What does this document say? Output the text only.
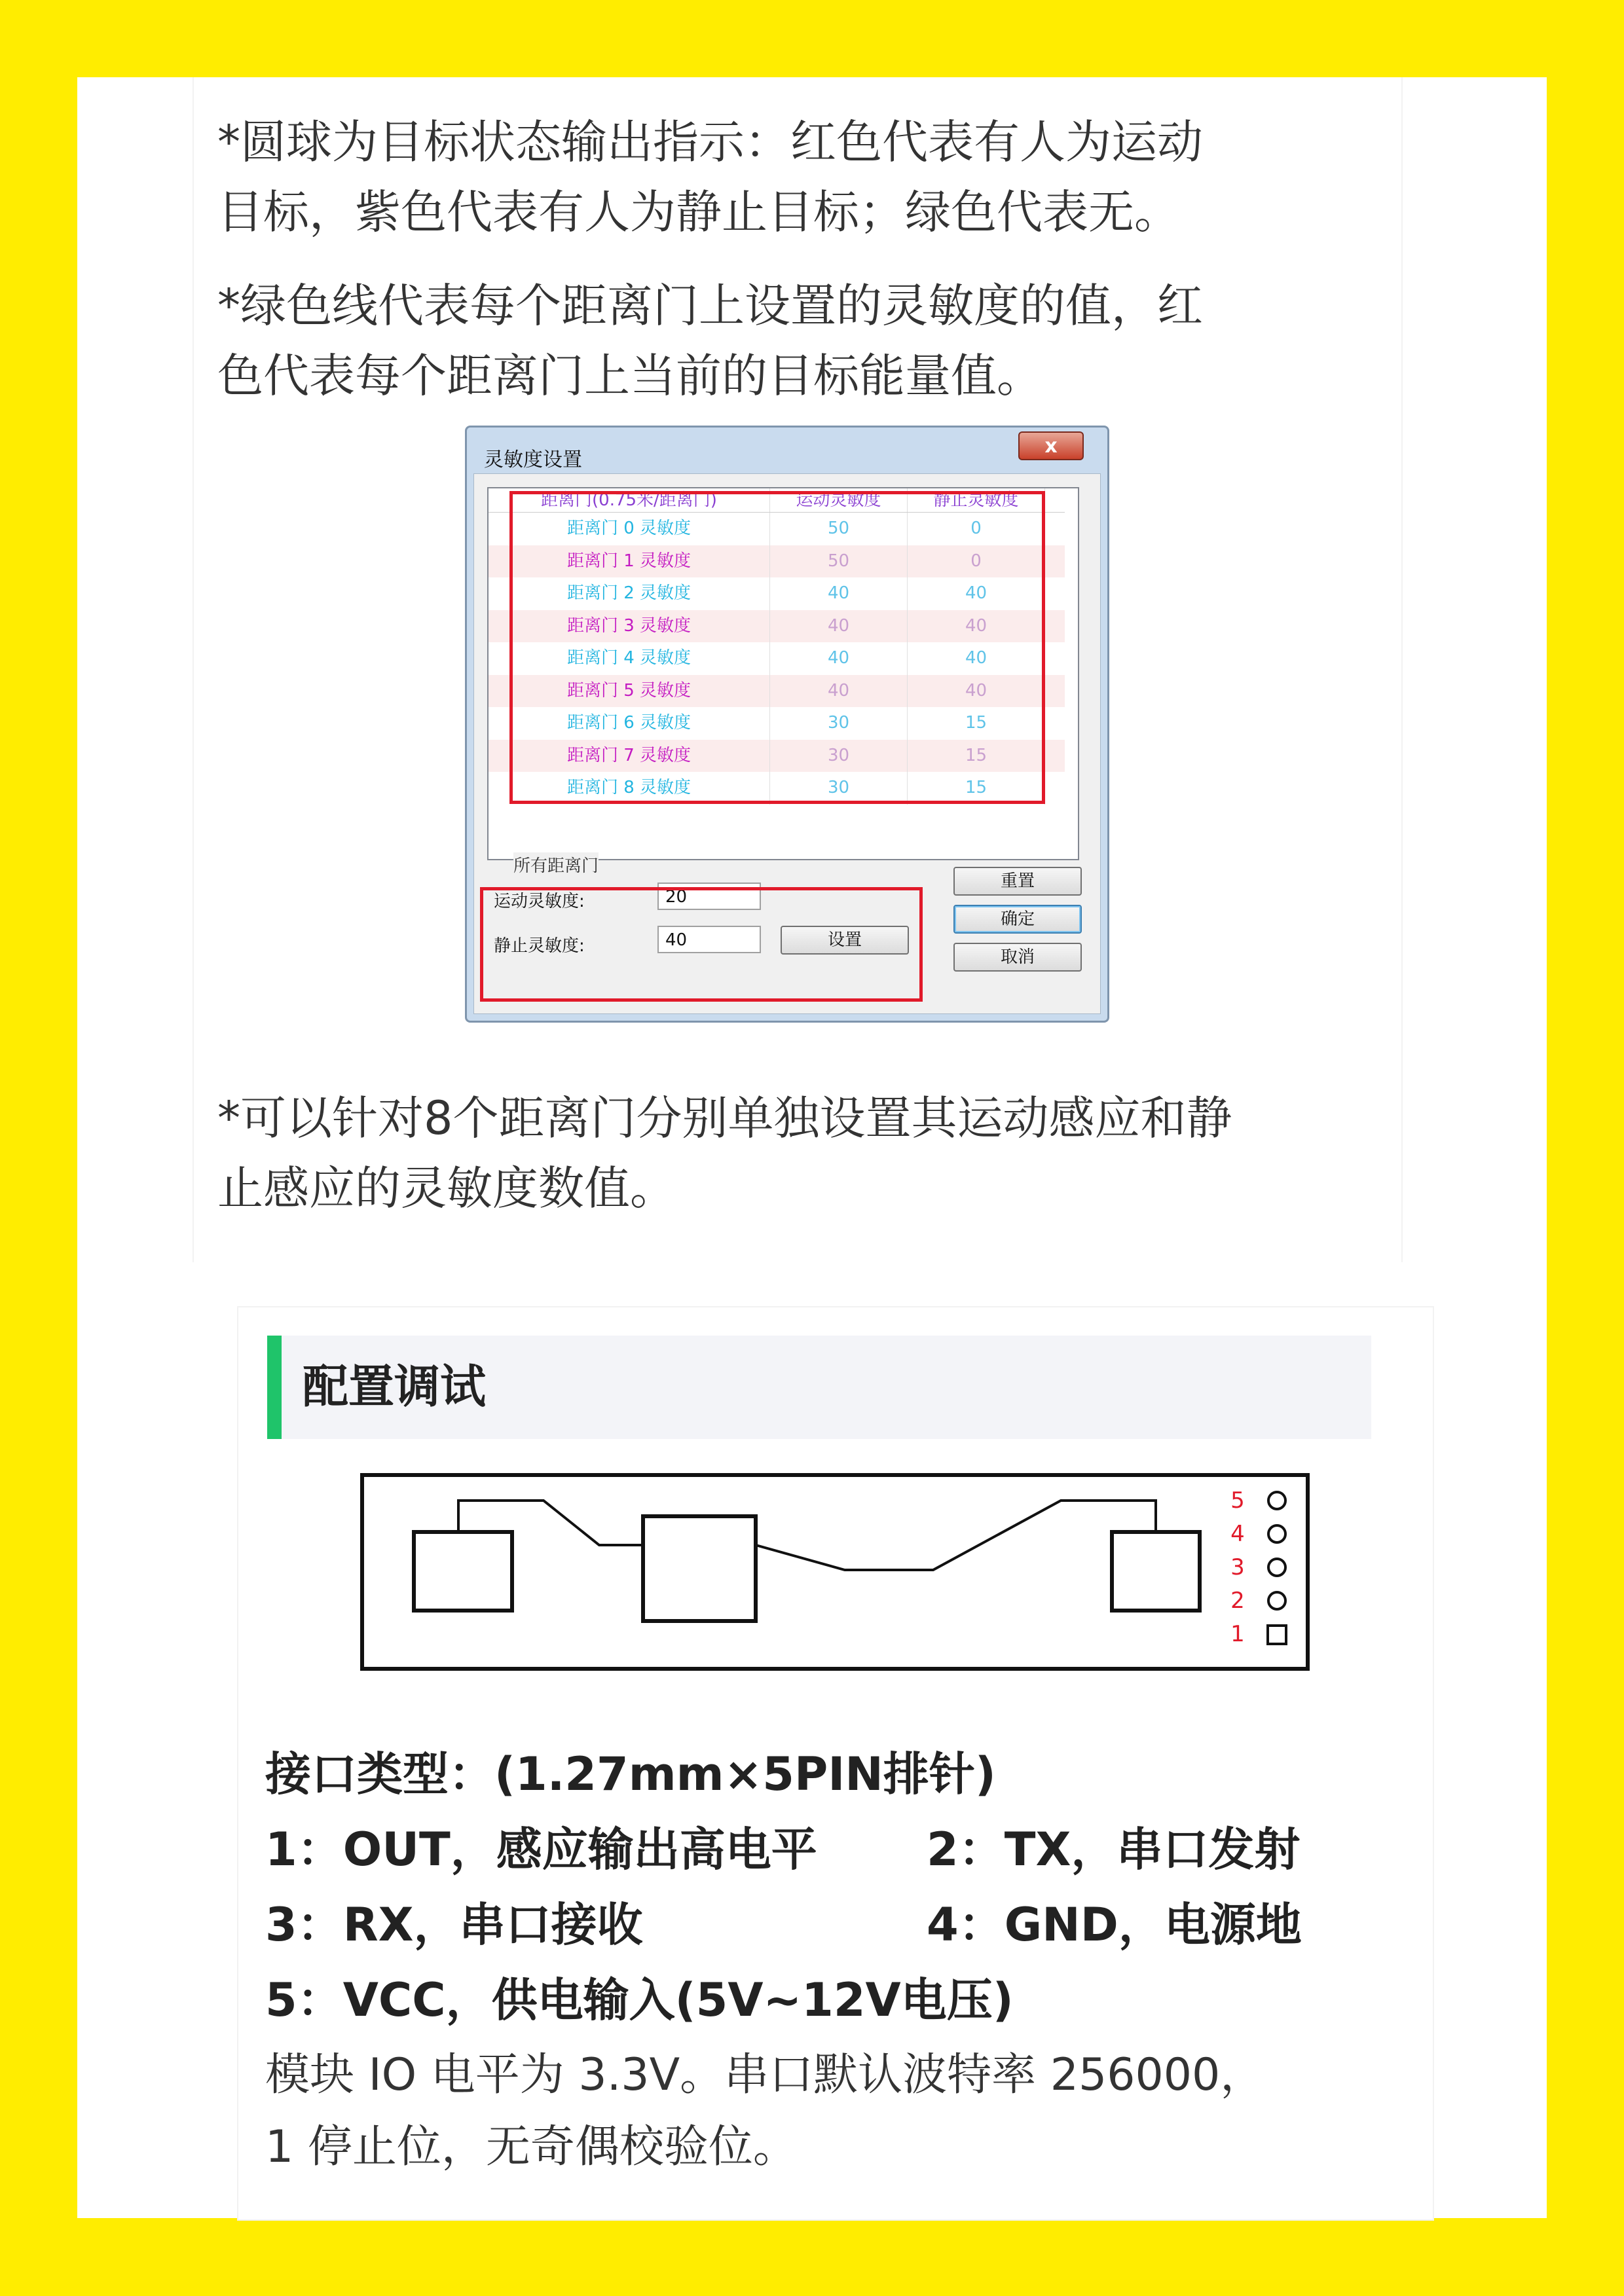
*圆球为目标状态输出指示：红色代表有人为运动

目标，紫色代表有人为静止目标；绿色代表无。

*绿色线代表每个距离门上设置的灵敏度的值，红

色代表每个距离门上当前的目标能量值。

灵敏度设置
x
距离门(0.75米/距离门)	运动灵敏度	静止灵敏度
距离门 0 灵敏度	50	0
距离门 1 灵敏度	50	0
距离门 2 灵敏度	40	40
距离门 3 灵敏度	40	40
距离门 4 灵敏度	40	40
距离门 5 灵敏度	40	40
距离门 6 灵敏度	30	15
距离门 7 灵敏度	30	15
距离门 8 灵敏度	30	15
所有距离门
运动灵敏度:	20
静止灵敏度:	40	设置
重置
确定
取消

*可以针对8个距离门分别单独设置其运动感应和静

止感应的灵敏度数值。

配置调试
5
4
3
2
1

接口类型：(1.27mm×5PIN排针)

1：OUT，感应输出高电平 2：TX，串口发射

3：RX，串口接收	4：GND，电源地

5：VCC，供电输入(5V~12V电压)

模块 IO 电平为 3.3V。串口默认波特率 256000，

1 停止位，无奇偶校验位。
